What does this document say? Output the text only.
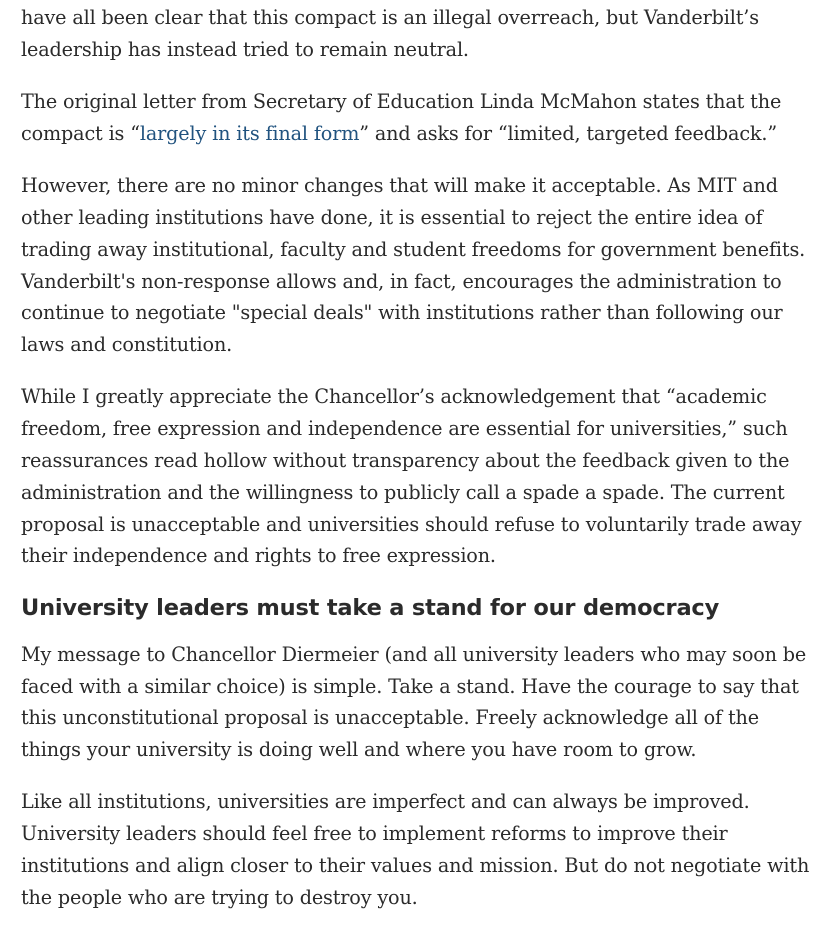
have all been clear that this compact is an illegal overreach, but Vanderbilt’s leadership has instead tried to remain neutral.

The original letter from Secretary of Education Linda McMahon states that the compact is “largely in its final form” and asks for “limited, targeted feedback.”

However, there are no minor changes that will make it acceptable. As MIT and other leading institutions have done, it is essential to reject the entire idea of trading away institutional, faculty and student freedoms for government benefits. Vanderbilt's non-response allows and, in fact, encourages the administration to continue to negotiate "special deals" with institutions rather than following our laws and constitution.

While I greatly appreciate the Chancellor’s acknowledgement that “academic freedom, free expression and independence are essential for universities,” such reassurances read hollow without transparency about the feedback given to the administration and the willingness to publicly call a spade a spade. The current proposal is unacceptable and universities should refuse to voluntarily trade away their independence and rights to free expression.

University leaders must take a stand for our democracy

My message to Chancellor Diermeier (and all university leaders who may soon be faced with a similar choice) is simple. Take a stand. Have the courage to say that this unconstitutional proposal is unacceptable. Freely acknowledge all of the things your university is doing well and where you have room to grow.

Like all institutions, universities are imperfect and can always be improved. University leaders should feel free to implement reforms to improve their institutions and align closer to their values and mission. But do not negotiate with the people who are trying to destroy you.
